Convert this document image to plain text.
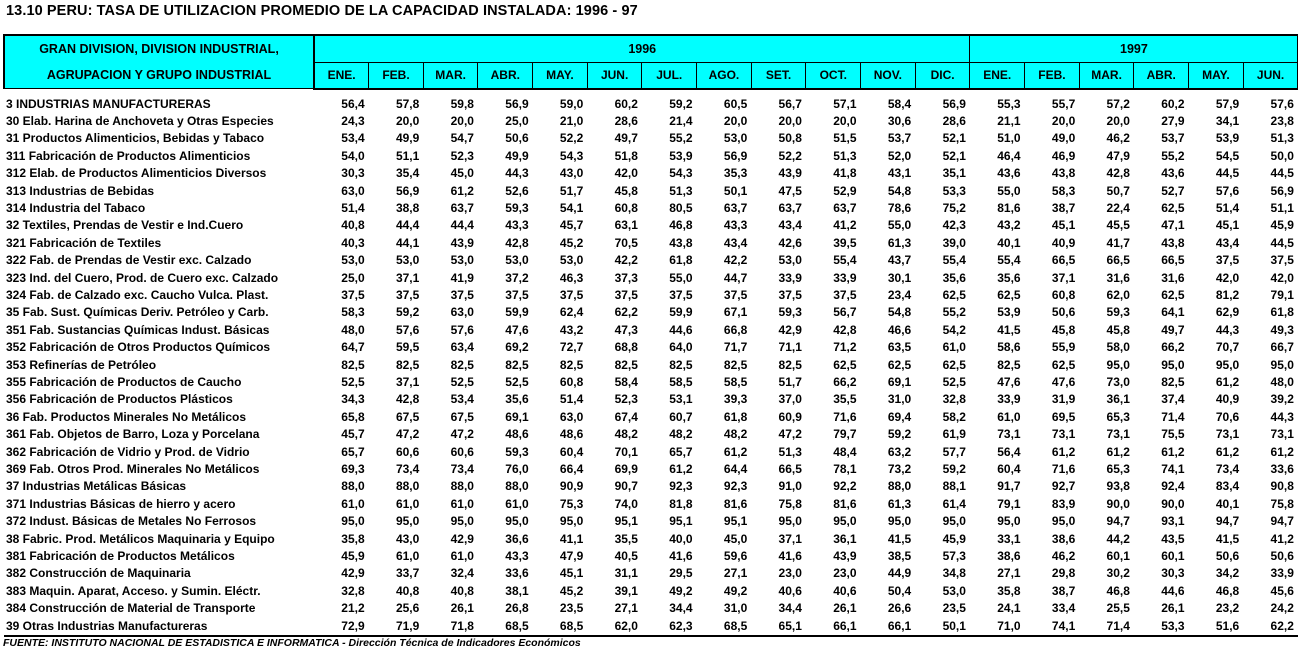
13.10 PERU: TASA DE UTILIZACION PROMEDIO DE LA CAPACIDAD INSTALADA: 1996 - 97
GRAN DIVISION, DIVISION INDUSTRIAL,
AGRUPACION Y GRUPO INDUSTRIAL	1996												1997					
	ENE.	FEB.	MAR.	ABR.	MAY.	JUN.	JUL.	AGO.	SET.	OCT.	NOV.	DIC.	ENE.	FEB.	MAR.	ABR.	MAY.	JUN.

3 INDUSTRIAS MANUFACTURERAS	56,4	57,8	59,8	56,9	59,0	60,2	59,2	60,5	56,7	57,1	58,4	56,9	55,3	55,7	57,2	60,2	57,9	57,6
30 Elab. Harina de Anchoveta y Otras Especies	24,3	20,0	20,0	25,0	21,0	28,6	21,4	20,0	20,0	20,0	30,6	28,6	21,1	20,0	20,0	27,9	34,1	23,8
31 Productos Alimenticios, Bebidas y Tabaco	53,4	49,9	54,7	50,6	52,2	49,7	55,2	53,0	50,8	51,5	53,7	52,1	51,0	49,0	46,2	53,7	53,9	51,3
311 Fabricación de Productos Alimenticios	54,0	51,1	52,3	49,9	54,3	51,8	53,9	56,9	52,2	51,3	52,0	52,1	46,4	46,9	47,9	55,2	54,5	50,0
312 Elab. de Productos Alimenticios Diversos	30,3	35,4	45,0	44,3	43,0	42,0	54,3	35,3	43,9	41,8	43,1	35,1	43,6	43,8	42,8	43,6	44,5	44,5
313 Industrias de Bebidas	63,0	56,9	61,2	52,6	51,7	45,8	51,3	50,1	47,5	52,9	54,8	53,3	55,0	58,3	50,7	52,7	57,6	56,9
314 Industria del Tabaco	51,4	38,8	63,7	59,3	54,1	60,8	80,5	63,7	63,7	63,7	78,6	75,2	81,6	38,7	22,4	62,5	51,4	51,1
32 Textiles, Prendas de Vestir e Ind.Cuero	40,8	44,4	44,4	43,3	45,7	63,1	46,8	43,3	43,4	41,2	55,0	42,3	43,2	45,1	45,5	47,1	45,1	45,9
321 Fabricación de Textiles	40,3	44,1	43,9	42,8	45,2	70,5	43,8	43,4	42,6	39,5	61,3	39,0	40,1	40,9	41,7	43,8	43,4	44,5
322 Fab. de Prendas de Vestir exc. Calzado	53,0	53,0	53,0	53,0	53,0	42,2	61,8	42,2	53,0	55,4	43,7	55,4	55,4	66,5	66,5	66,5	37,5	37,5
323 Ind. del Cuero, Prod. de Cuero exc. Calzado	25,0	37,1	41,9	37,2	46,3	37,3	55,0	44,7	33,9	33,9	30,1	35,6	35,6	37,1	31,6	31,6	42,0	42,0
324 Fab. de Calzado exc. Caucho Vulca. Plast.	37,5	37,5	37,5	37,5	37,5	37,5	37,5	37,5	37,5	37,5	23,4	62,5	62,5	60,8	62,0	62,5	81,2	79,1
35 Fab. Sust. Químicas Deriv. Petróleo y Carb.	58,3	59,2	63,0	59,9	62,4	62,2	59,9	67,1	59,3	56,7	54,8	55,2	53,9	50,6	59,3	64,1	62,9	61,8
351 Fab. Sustancias Químicas Indust. Básicas	48,0	57,6	57,6	47,6	43,2	47,3	44,6	66,8	42,9	42,8	46,6	54,2	41,5	45,8	45,8	49,7	44,3	49,3
352 Fabricación de Otros Productos Químicos	64,7	59,5	63,4	69,2	72,7	68,8	64,0	71,7	71,1	71,2	63,5	61,0	58,6	55,9	58,0	66,2	70,7	66,7
353 Refinerías de Petróleo	82,5	82,5	82,5	82,5	82,5	82,5	82,5	82,5	82,5	62,5	62,5	62,5	82,5	62,5	95,0	95,0	95,0	95,0
355 Fabricación de Productos de Caucho	52,5	37,1	52,5	52,5	60,8	58,4	58,5	58,5	51,7	66,2	69,1	52,5	47,6	47,6	73,0	82,5	61,2	48,0
356 Fabricación de Productos Plásticos	34,3	42,8	53,4	35,6	51,4	52,3	53,1	39,3	37,0	35,5	31,0	32,8	33,9	31,9	36,1	37,4	40,9	39,2
36 Fab. Productos Minerales No Metálicos	65,8	67,5	67,5	69,1	63,0	67,4	60,7	61,8	60,9	71,6	69,4	58,2	61,0	69,5	65,3	71,4	70,6	44,3
361 Fab. Objetos de Barro, Loza y Porcelana	45,7	47,2	47,2	48,6	48,6	48,2	48,2	48,2	47,2	79,7	59,2	61,9	73,1	73,1	73,1	75,5	73,1	73,1
362 Fabricación de Vidrio y Prod. de Vidrio	65,7	60,6	60,6	59,3	60,4	70,1	65,7	61,2	51,3	48,4	63,2	57,7	56,4	61,2	61,2	61,2	61,2	61,2
369 Fab. Otros Prod. Minerales No Metálicos	69,3	73,4	73,4	76,0	66,4	69,9	61,2	64,4	66,5	78,1	73,2	59,2	60,4	71,6	65,3	74,1	73,4	33,6
37 Industrias Metálicas Básicas	88,0	88,0	88,0	88,0	90,9	90,7	92,3	92,3	91,0	92,2	88,0	88,1	91,7	92,7	93,8	92,4	83,4	90,8
371 Industrias Básicas de hierro y acero	61,0	61,0	61,0	61,0	75,3	74,0	81,8	81,6	75,8	81,6	61,3	61,4	79,1	83,9	90,0	90,0	40,1	75,8
372 Indust. Básicas de Metales No Ferrosos	95,0	95,0	95,0	95,0	95,0	95,1	95,1	95,1	95,0	95,0	95,0	95,0	95,0	95,0	94,7	93,1	94,7	94,7
38 Fabric. Prod. Metálicos Maquinaria y Equipo	35,8	43,0	42,9	36,6	41,1	35,5	40,0	45,0	37,1	36,1	41,5	45,9	33,1	38,6	44,2	43,5	41,5	41,2
381 Fabricación de Productos Metálicos	45,9	61,0	61,0	43,3	47,9	40,5	41,6	59,6	41,6	43,9	38,5	57,3	38,6	46,2	60,1	60,1	50,6	50,6
382 Construcción de Maquinaria	42,9	33,7	32,4	33,6	45,1	31,1	29,5	27,1	23,0	23,0	44,9	34,8	27,1	29,8	30,2	30,3	34,2	33,9
383 Maquin. Aparat, Acceso. y Sumin. Eléctr.	32,8	40,8	40,8	38,1	45,2	39,1	49,2	49,2	40,6	40,6	50,4	53,0	35,8	38,7	46,8	44,6	46,8	45,6
384 Construcción de Material de Transporte	21,2	25,6	26,1	26,8	23,5	27,1	34,4	31,0	34,4	26,1	26,6	23,5	24,1	33,4	25,5	26,1	23,2	24,2
39 Otras Industrias Manufactureras	72,9	71,9	71,8	68,5	68,5	62,0	62,3	68,5	65,1	66,1	66,1	50,1	71,0	74,1	71,4	53,3	51,6	62,2
FUENTE: INSTITUTO NACIONAL DE ESTADISTICA E INFORMATICA - Dirección Técnica de Indicadores Económicos
